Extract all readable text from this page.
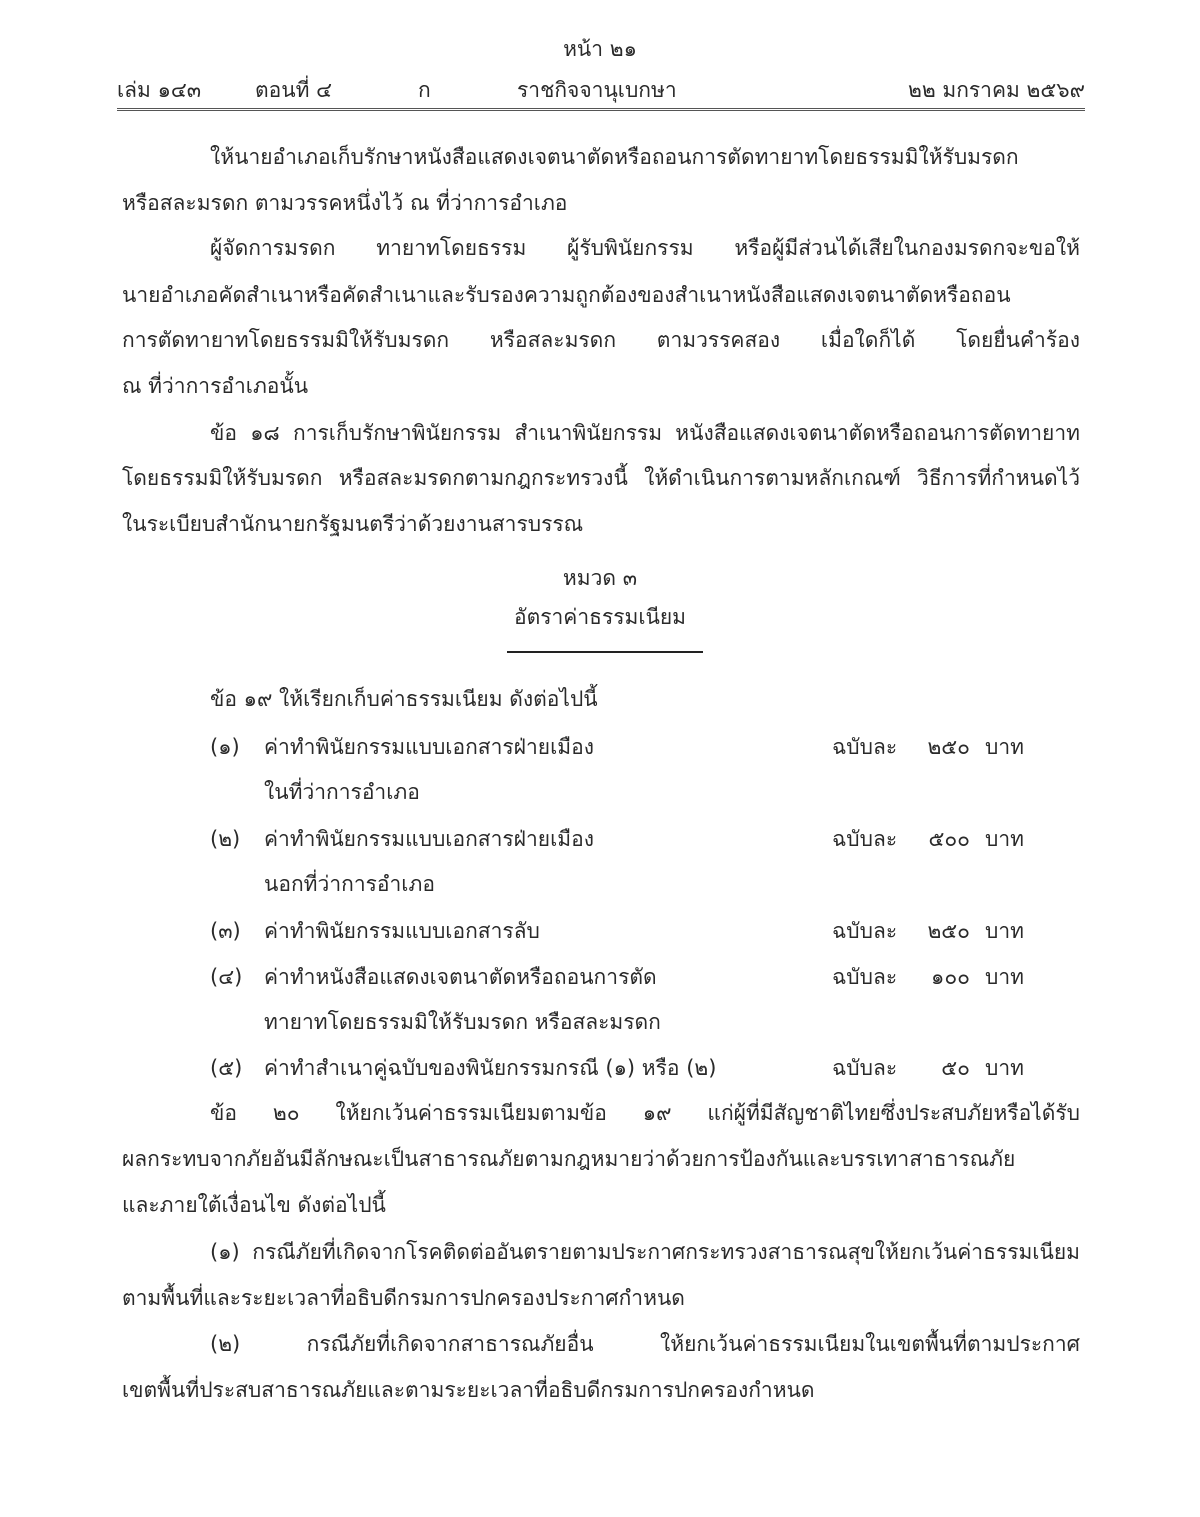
หน้า ๒๑
เล่ม ๑๔๓	ตอนที่ ๔	ก	ราชกิจจานุเบกษา	๒๒ มกราคม ๒๕๖๙
ให้นายอำเภอเก็บรักษาหนังสือแสดงเจตนาตัดหรือถอนการตัดทายาทโดยธรรมมิให้รับมรดก
หรือสละมรดก ตามวรรคหนึ่งไว้ ณ ที่ว่าการอำเภอ
ผู้จัดการมรดก ทายาทโดยธรรม ผู้รับพินัยกรรม หรือผู้มีส่วนได้เสียในกองมรดกจะขอให้
นายอำเภอคัดสำเนาหรือคัดสำเนาและรับรองความถูกต้องของสำเนาหนังสือแสดงเจตนาตัดหรือถอน
การตัดทายาทโดยธรรมมิให้รับมรดก หรือสละมรดก ตามวรรคสอง เมื่อใดก็ได้ โดยยื่นคำร้อง
ณ ที่ว่าการอำเภอนั้น
ข้อ ๑๘ การเก็บรักษาพินัยกรรม สำเนาพินัยกรรม หนังสือแสดงเจตนาตัดหรือถอนการตัดทายาท
โดยธรรมมิให้รับมรดก หรือสละมรดกตามกฎกระทรวงนี้ ให้ดำเนินการตามหลักเกณฑ์ วิธีการที่กำหนดไว้
ในระเบียบสำนักนายกรัฐมนตรีว่าด้วยงานสารบรรณ
หมวด ๓
อัตราค่าธรรมเนียม
ข้อ ๑๙ ให้เรียกเก็บค่าธรรมเนียม ดังต่อไปนี้
(๑) ค่าทำพินัยกรรมแบบเอกสารฝ่ายเมือง
ในที่ว่าการอำเภอ
ฉบับละ	๒๕๐ บาท
(๒) ค่าทำพินัยกรรมแบบเอกสารฝ่ายเมือง
นอกที่ว่าการอำเภอ
ฉบับละ	๕๐๐ บาท
(๓) ค่าทำพินัยกรรมแบบเอกสารลับ	ฉบับละ	๒๕๐ บาท
(๔) ค่าทำหนังสือแสดงเจตนาตัดหรือถอนการตัด
ทายาทโดยธรรมมิให้รับมรดก หรือสละมรดก
ฉบับละ	๑๐๐ บาท
(๕) ค่าทำสำเนาคู่ฉบับของพินัยกรรมกรณี (๑) หรือ (๒)	ฉบับละ	๕๐ บาท
ข้อ ๒๐ ให้ยกเว้นค่าธรรมเนียมตามข้อ ๑๙ แก่ผู้ที่มีสัญชาติไทยซึ่งประสบภัยหรือได้รับ
ผลกระทบจากภัยอันมีลักษณะเป็นสาธารณภัยตามกฎหมายว่าด้วยการป้องกันและบรรเทาสาธารณภัย
และภายใต้เงื่อนไข ดังต่อไปนี้
(๑) กรณีภัยที่เกิดจากโรคติดต่ออันตรายตามประกาศกระทรวงสาธารณสุขให้ยกเว้นค่าธรรมเนียม
ตามพื้นที่และระยะเวลาที่อธิบดีกรมการปกครองประกาศกำหนด
(๒) กรณีภัยที่เกิดจากสาธารณภัยอื่น ให้ยกเว้นค่าธรรมเนียมในเขตพื้นที่ตามประกาศ
เขตพื้นที่ประสบสาธารณภัยและตามระยะเวลาที่อธิบดีกรมการปกครองกำหนด
